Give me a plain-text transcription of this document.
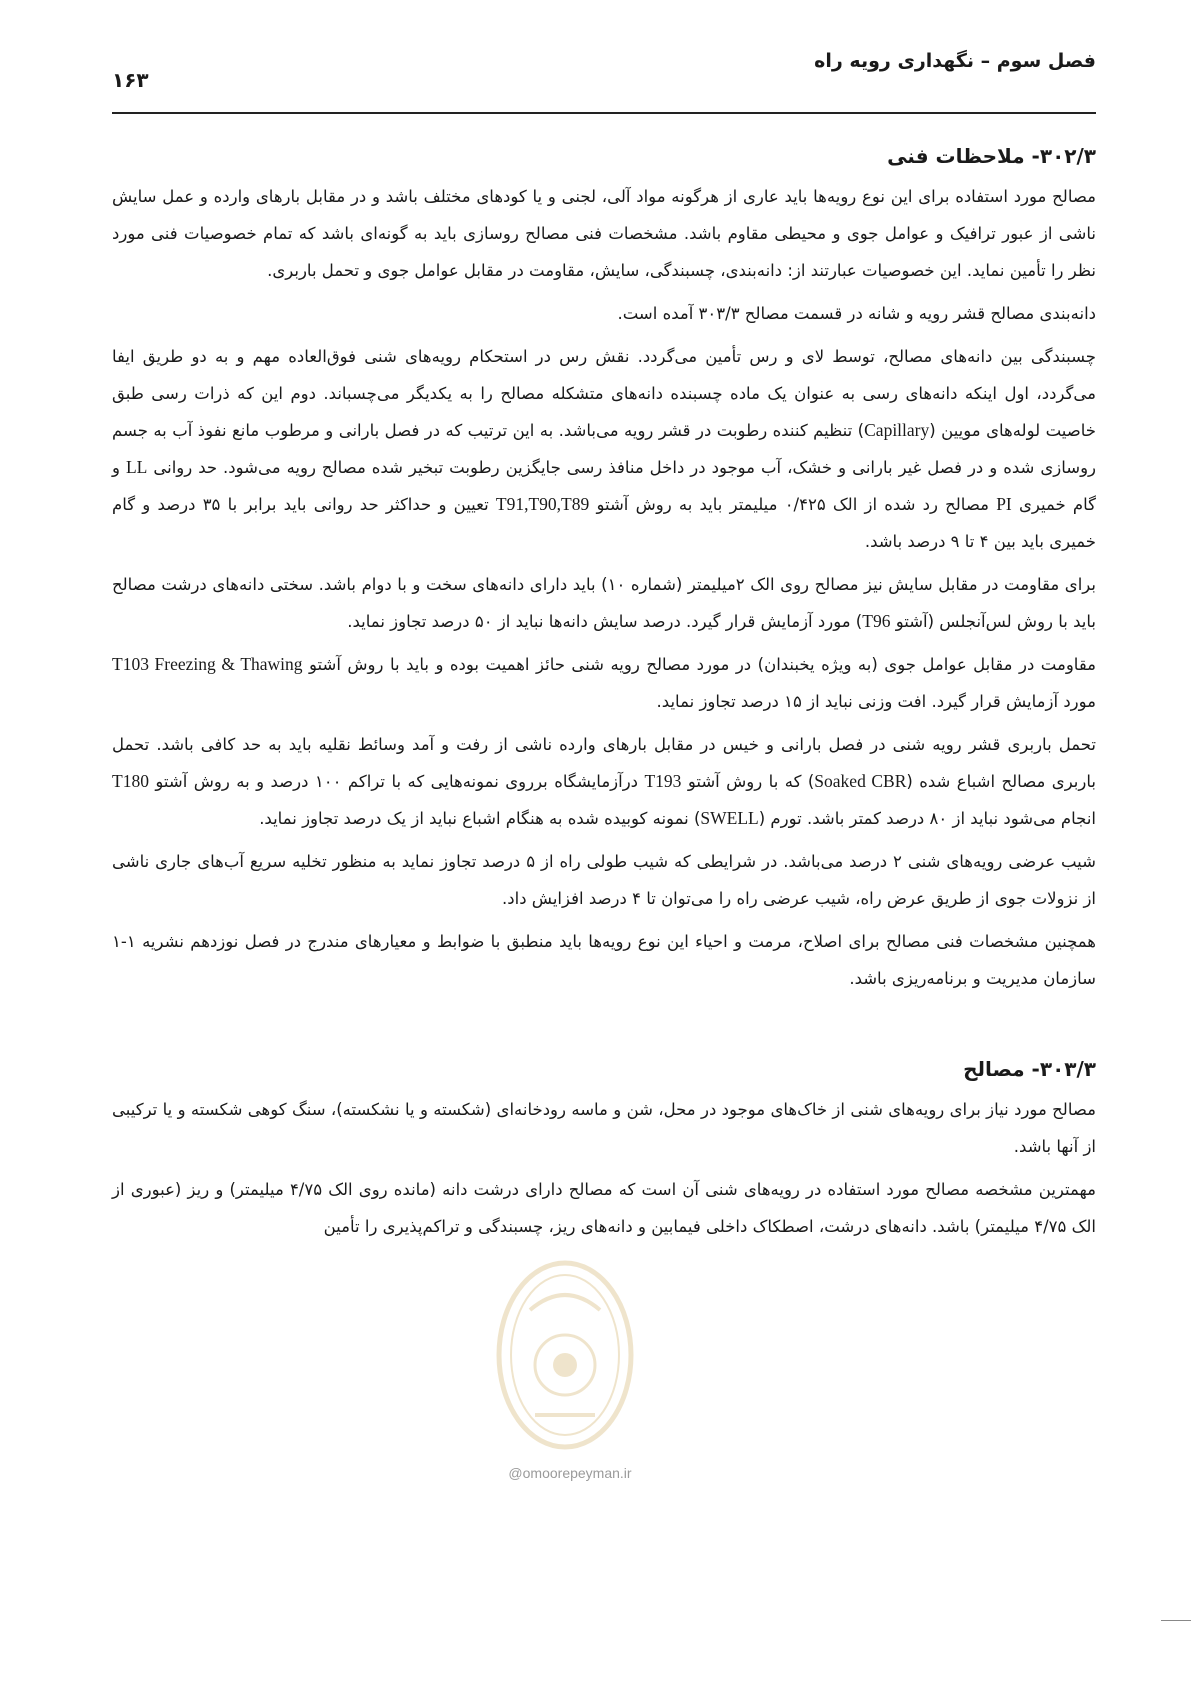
فصل سوم – نگهداری رویه راه
۱۶۳
۳۰۲/۳- ملاحظات فنی

مصالح مورد استفاده برای این نوع رویه‌ها باید عاری از هرگونه مواد آلی، لجنی و یا کودهای مختلف باشد و در مقابل بارهای وارده و عمل سایش ناشی از عبور ترافیک و عوامل جوی و محیطی مقاوم باشد. مشخصات فنی مصالح روسازی باید به گونه‌ای باشد که تمام خصوصیات فنی مورد نظر را تأمین نماید. این خصوصیات عبارتند از: دانه‌بندی، چسبندگی، سایش، مقاومت در مقابل عوامل جوی و تحمل باربری.

دانه‌بندی مصالح قشر رویه و شانه در قسمت مصالح ۳۰۳/۳ آمده است.

چسبندگی بین دانه‌های مصالح، توسط لای و رس تأمین می‌گردد. نقش رس در استحکام رویه‌های شنی فوق‌العاده مهم و به دو طریق ایفا می‌گردد، اول اینکه دانه‌های رسی به عنوان یک ماده چسبنده دانه‌های متشکله مصالح را به یکدیگر می‌چسباند. دوم این که ذرات رسی طبق خاصیت لوله‌های مویین (Capillary) تنظیم کننده رطوبت در قشر رویه می‌باشد. به این ترتیب که در فصل بارانی و مرطوب مانع نفوذ آب به جسم روسازی شده و در فصل غیر بارانی و خشک، آب موجود در داخل منافذ رسی جایگزین رطوبت تبخیر شده مصالح رویه می‌شود. حد روانی LL و گام خمیری PI مصالح رد شده از الک ۰/۴۲۵ میلیمتر باید به روش آشتو T91,T90,T89 تعیین و حداکثر حد روانی باید برابر با ۳۵ درصد و گام خمیری باید بین ۴ تا ۹ درصد باشد.

برای مقاومت در مقابل سایش نیز مصالح روی الک ۲میلیمتر (شماره ۱۰) باید دارای دانه‌های سخت و با دوام باشد. سختی دانه‌های درشت مصالح باید با روش لس‌آنجلس (آشتو T96) مورد آزمایش قرار گیرد. درصد سایش دانه‌ها نباید از ۵۰ درصد تجاوز نماید.

مقاومت در مقابل عوامل جوی (به ویژه یخبندان) در مورد مصالح رویه شنی حائز اهمیت بوده و باید با روش آشتو T103 Freezing & Thawing مورد آزمایش قرار گیرد. افت وزنی نباید از ۱۵ درصد تجاوز نماید.

تحمل باربری قشر رویه شنی در فصل بارانی و خیس در مقابل بارهای وارده ناشی از رفت و آمد وسائط نقلیه باید به حد کافی باشد. تحمل باربری مصالح اشباع شده (Soaked CBR) که با روش آشتو T193 درآزمایشگاه برروی نمونه‌هایی که با تراکم ۱۰۰ درصد و به روش آشتو T180 انجام می‌شود نباید از ۸۰ درصد کمتر باشد. تورم (SWELL) نمونه کوبیده شده به هنگام اشباع نباید از یک درصد تجاوز نماید.

شیب عرضی رویه‌های شنی ۲ درصد می‌باشد. در شرایطی که شیب طولی راه از ۵ درصد تجاوز نماید به منظور تخلیه سریع آب‌های جاری ناشی از نزولات جوی از طریق عرض راه، شیب عرضی راه را می‌توان تا ۴ درصد افزایش داد.

همچنین مشخصات فنی مصالح برای اصلاح، مرمت و احیاء این نوع رویه‌ها باید منطبق با ضوابط و معیارهای مندرج در فصل نوزدهم نشریه ۱-۱ سازمان مدیریت و برنامه‌ریزی باشد.

۳۰۳/۳- مصالح

مصالح مورد نیاز برای رویه‌های شنی از خاک‌های موجود در محل، شن و ماسه رودخانه‌ای (شکسته و یا نشکسته)، سنگ کوهی شکسته و یا ترکیبی از آنها باشد.

مهمترین مشخصه مصالح مورد استفاده در رویه‌های شنی آن است که مصالح دارای درشت دانه (مانده روی الک ۴/۷۵ میلیمتر) و ریز (عبوری از الک ۴/۷۵ میلیمتر) باشد. دانه‌های درشت، اصطکاک داخلی فیمابین و دانه‌های ریز، چسبندگی و تراکم‌پذیری را تأمین

@omoorepeyman.ir
